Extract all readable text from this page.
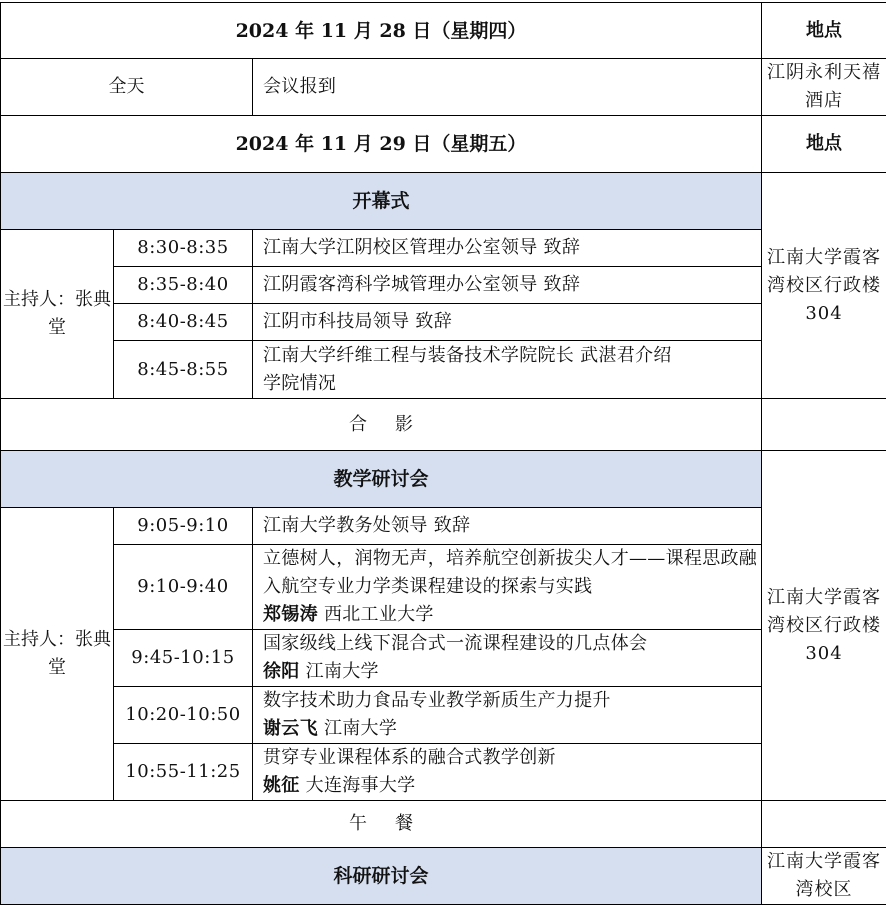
2024 年 11 月 28 日（星期四）			地点
全天		会议报到	江阴永利天禧酒店
2024 年 11 月 29 日（星期五）			地点
开幕式			江南大学霞客湾校区行政楼 304
主持人：张典堂	8:30-8:35	江南大学江阴校区管理办公室领导 致辞	
	8:35-8:40	江阴霞客湾科学城管理办公室领导 致辞	
	8:40-8:45	江阴市科技局领导 致辞	
	8:45-8:55	江南大学纤维工程与装备技术学院院长 武湛君介绍学院情况	
合影			
教学研讨会			江南大学霞客湾校区行政楼 304
主持人：张典堂	9:05-9:10	江南大学教务处领导 致辞	
	9:10-9:40	立德树人，润物无声，培养航空创新拔尖人才——课程思政融入航空专业力学类课程建设的探索与实践
郑锡涛 西北工业大学	

	9:45-10:15	国家级线上线下混合式一流课程建设的几点体会
徐阳 江南大学	

	10:20-10:50	数字技术助力食品专业教学新质生产力提升
谢云飞 江南大学	

	10:55-11:25	贯穿专业课程体系的融合式教学创新
姚征 大连海事大学	

午餐			
科研研讨会			江南大学霞客湾校区
